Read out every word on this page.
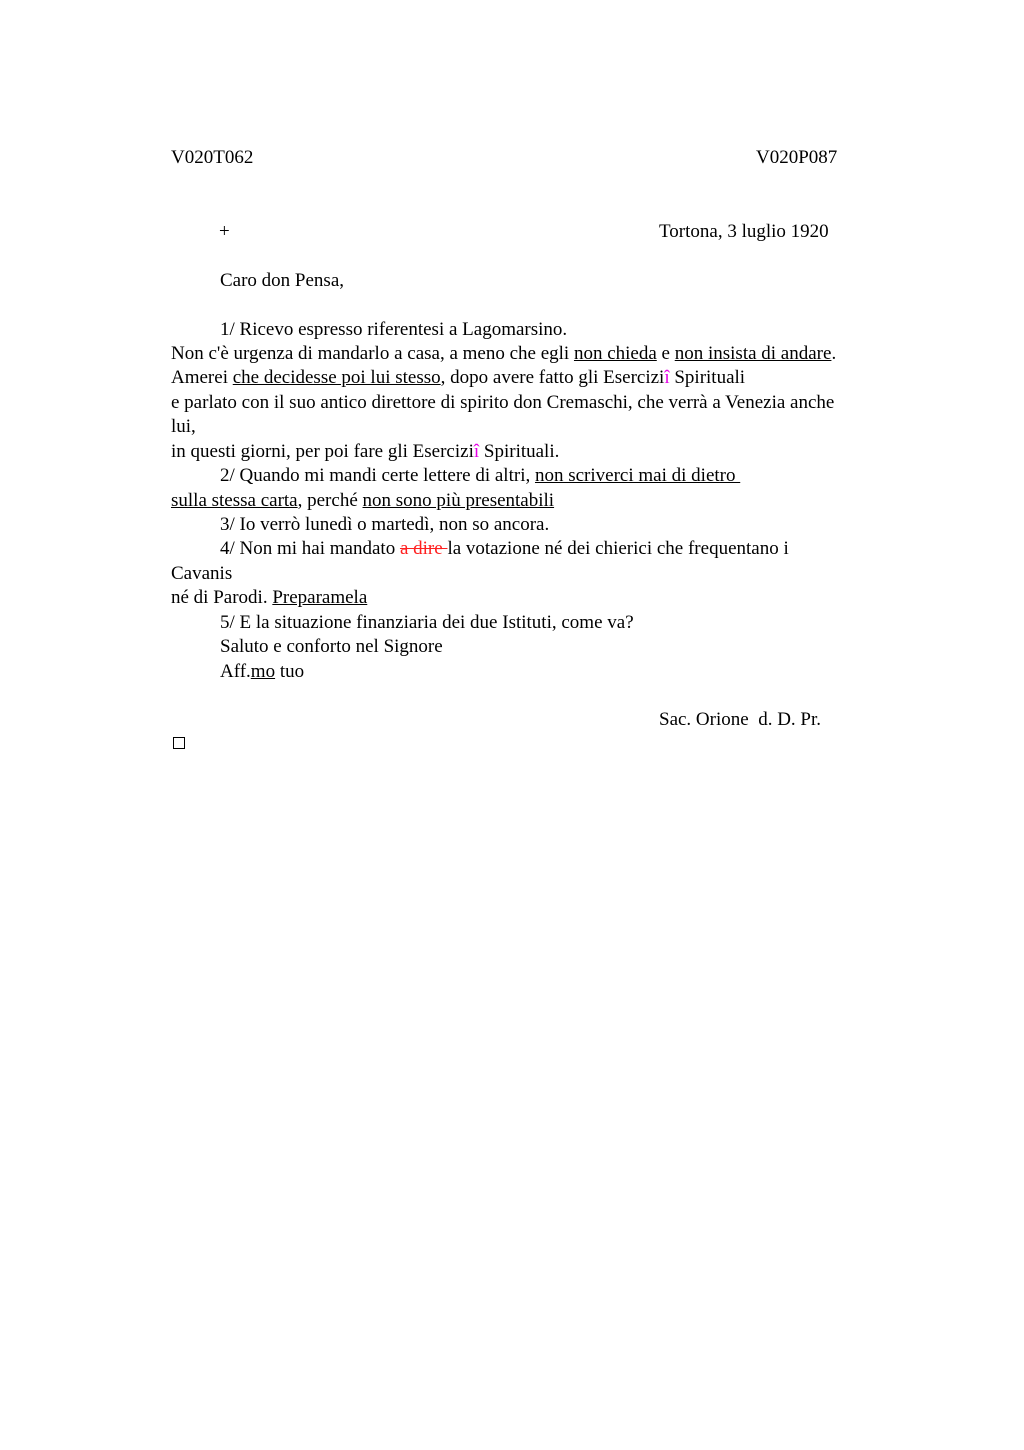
V020T062	V020P087
+	Tortona, 3 luglio 1920
Caro don Pensa,
1/ Ricevo espresso riferentesi a Lagomarsino.
Non c'è urgenza di mandarlo a casa, a meno che egli non chieda e non insista di andare.
Amerei che decidesse poi lui stesso, dopo avere fatto gli Eserciziî Spirituali
e parlato con il suo antico direttore di spirito don Cremaschi, che verrà a Venezia anche
lui,
in questi giorni, per poi fare gli Eserciziî Spirituali.
2/ Quando mi mandi certe lettere di altri, non scriverci mai di dietro
sulla stessa carta, perché non sono più presentabili
3/ Io verrò lunedì o martedì, non so ancora.
4/ Non mi hai mandato a dire la votazione né dei chierici che frequentano i
Cavanis
né di Parodi. Preparamela
5/ E la situazione finanziaria dei due Istituti, come va?
Saluto e conforto nel Signore
Aff.mo tuo
Sac. Orione  d. D. Pr.
